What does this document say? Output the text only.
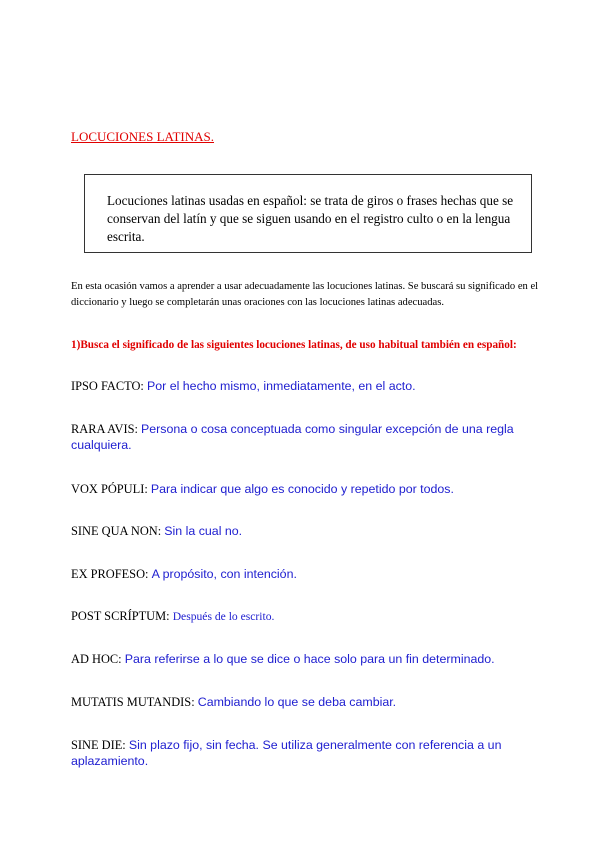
LOCUCIONES LATINAS.
Locuciones latinas usadas en español: se trata de giros o frases hechas que se conservan del latín y que se siguen usando en el registro culto o en la lengua escrita.
En esta ocasión vamos a aprender a usar adecuadamente las locuciones latinas. Se buscará su significado en el diccionario y luego se completarán unas oraciones con las locuciones latinas adecuadas.
1)Busca el significado de las siguientes locuciones latinas, de uso habitual también en español:
IPSO FACTO: Por el hecho mismo, inmediatamente, en el acto.
RARA AVIS: Persona o cosa conceptuada como singular excepción de una regla cualquiera.
VOX PÓPULI: Para indicar que algo es conocido y repetido por todos.
SINE QUA NON: Sin la cual no.
EX PROFESO: A propósito, con intención.
POST SCRÍPTUM: Después de lo escrito.
AD HOC: Para referirse a lo que se dice o hace solo para un fin determinado.
MUTATIS MUTANDIS: Cambiando lo que se deba cambiar.
SINE DIE: Sin plazo fijo, sin fecha. Se utiliza generalmente con referencia a un aplazamiento.
